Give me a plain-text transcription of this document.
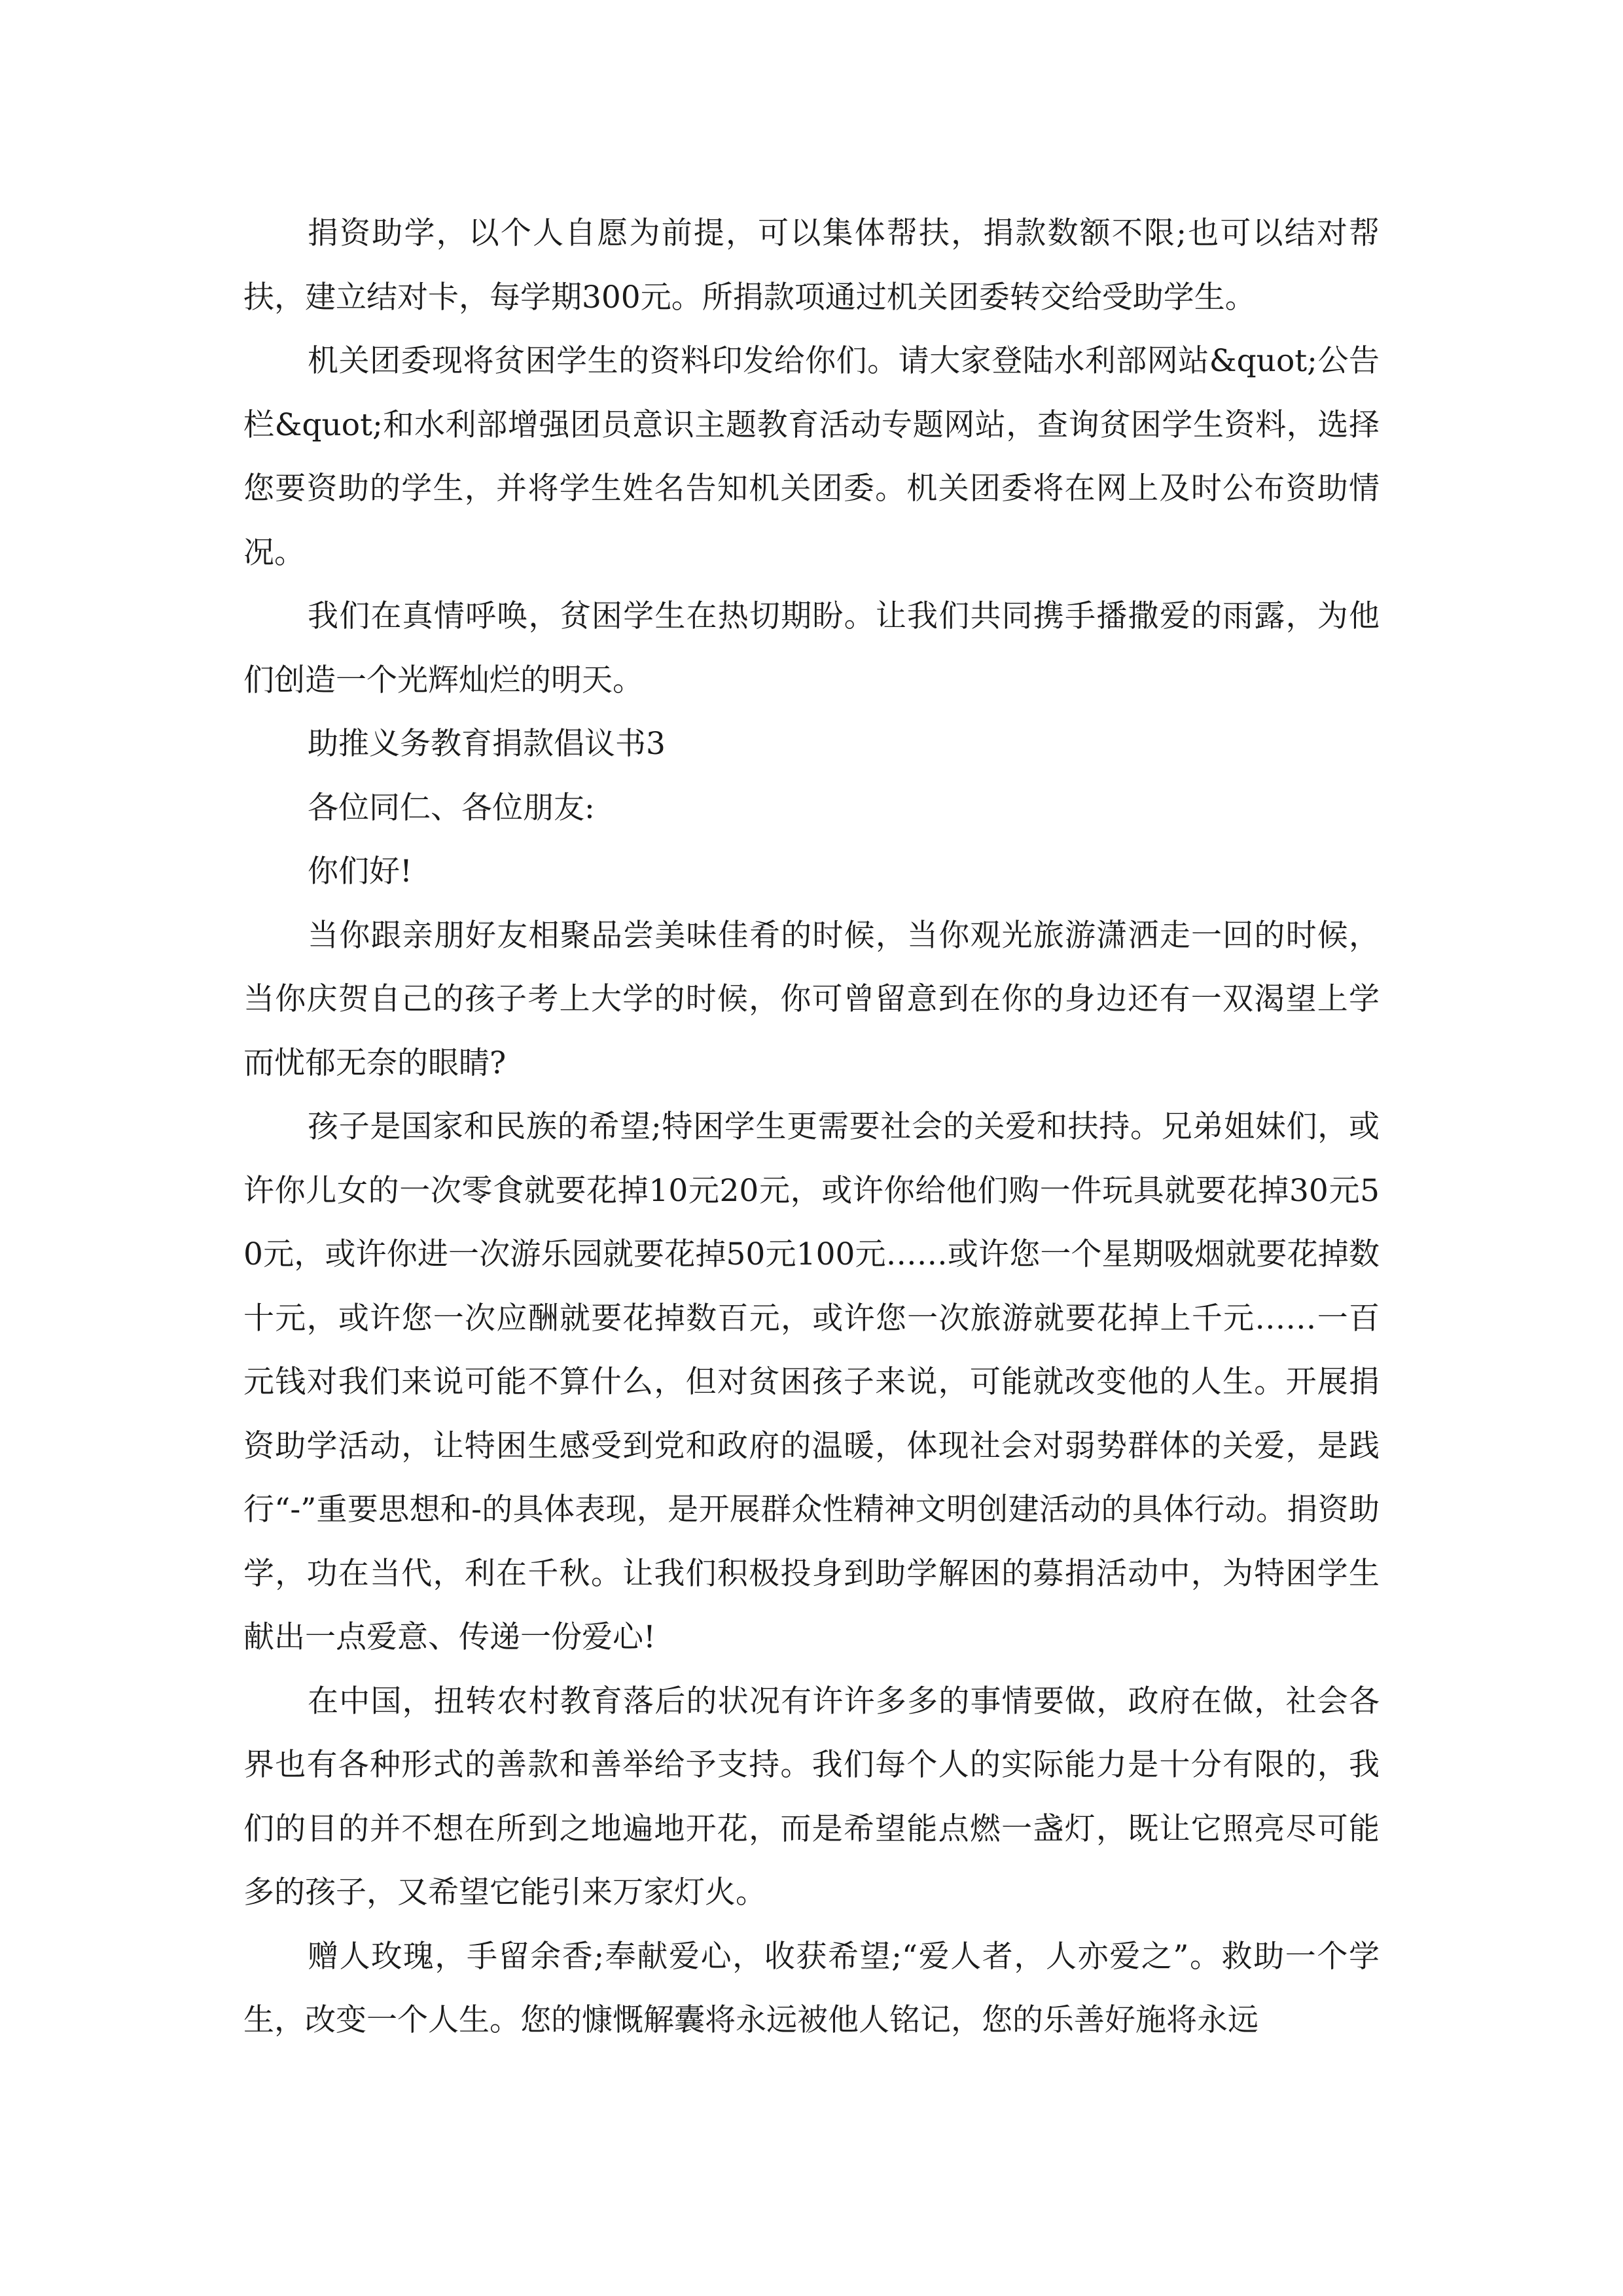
捐资助学，以个人自愿为前提，可以集体帮扶，捐款数额不限;也可以结对帮扶，建立结对卡，每学期300元。所捐款项通过机关团委转交给受助学生。

机关团委现将贫困学生的资料印发给你们。请大家登陆水利部网站&quot;公告栏&quot;和水利部增强团员意识主题教育活动专题网站，查询贫困学生资料，选择您要资助的学生，并将学生姓名告知机关团委。机关团委将在网上及时公布资助情况。

我们在真情呼唤，贫困学生在热切期盼。让我们共同携手播撒爱的雨露，为他们创造一个光辉灿烂的明天。

助推义务教育捐款倡议书3

各位同仁、各位朋友:

你们好!

当你跟亲朋好友相聚品尝美味佳肴的时候，当你观光旅游潇洒走一回的时候，当你庆贺自己的孩子考上大学的时候，你可曾留意到在你的身边还有一双渴望上学而忧郁无奈的眼睛?

孩子是国家和民族的希望;特困学生更需要社会的关爱和扶持。兄弟姐妹们，或许你儿女的一次零食就要花掉10元20元，或许你给他们购一件玩具就要花掉30元50元，或许你进一次游乐园就要花掉50元100元……或许您一个星期吸烟就要花掉数十元，或许您一次应酬就要花掉数百元，或许您一次旅游就要花掉上千元……一百元钱对我们来说可能不算什么，但对贫困孩子来说，可能就改变他的人生。开展捐资助学活动，让特困生感受到党和政府的温暖，体现社会对弱势群体的关爱，是践行“-”重要思想和-的具体表现，是开展群众性精神文明创建活动的具体行动。捐资助学，功在当代，利在千秋。让我们积极投身到助学解困的募捐活动中，为特困学生献出一点爱意、传递一份爱心!

在中国，扭转农村教育落后的状况有许许多多的事情要做，政府在做，社会各界也有各种形式的善款和善举给予支持。我们每个人的实际能力是十分有限的，我们的目的并不想在所到之地遍地开花，而是希望能点燃一盏灯，既让它照亮尽可能多的孩子，又希望它能引来万家灯火。

赠人玫瑰，手留余香;奉献爱心，收获希望;“爱人者，人亦爱之”。救助一个学生，改变一个人生。您的慷慨解囊将永远被他人铭记，您的乐善好施将永远
